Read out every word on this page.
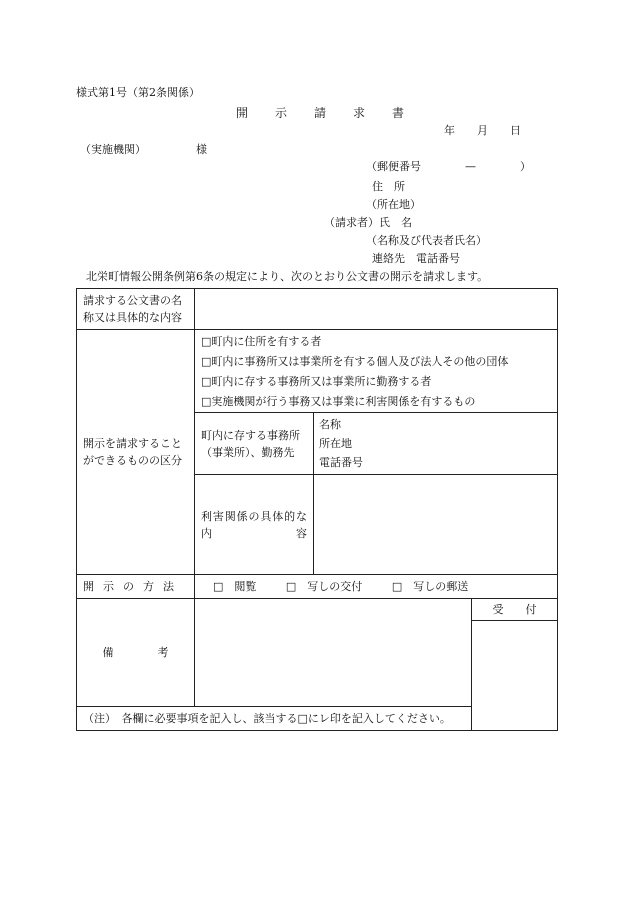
様式第1号（第2条関係）
開　　示　　請　　求　　書
年　　月　　日
（実施機関）	様
（郵便番号　　　　—　　　　）
住　所
（所在地）
（請求者）氏　名
（名称及び代表者氏名）
連絡先　電話番号
北栄町情報公開条例第6条の規定により、次のとおり公文書の開示を請求します。
請求する公文書の名称又は具体的な内容			
開示を請求することができるものの区分	□町内に住所を有する者
□町内に事務所又は事業所を有する個人及び法人その他の団体
□町内に存する事務所又は事業所に勤務する者
□実施機関が行う事務又は事業に利害関係を有するもの		

	町内に存する事務所（事業所）、勤務先	名称
所在地
電話番号	

	利害関係の具体的な内容		
開示の方法	□　閲覧 □　写しの交付 □　写しの郵送		
備　　　　考			受　　付

（注）　各欄に必要事項を記入し、該当する□にレ印を記入してください。			
